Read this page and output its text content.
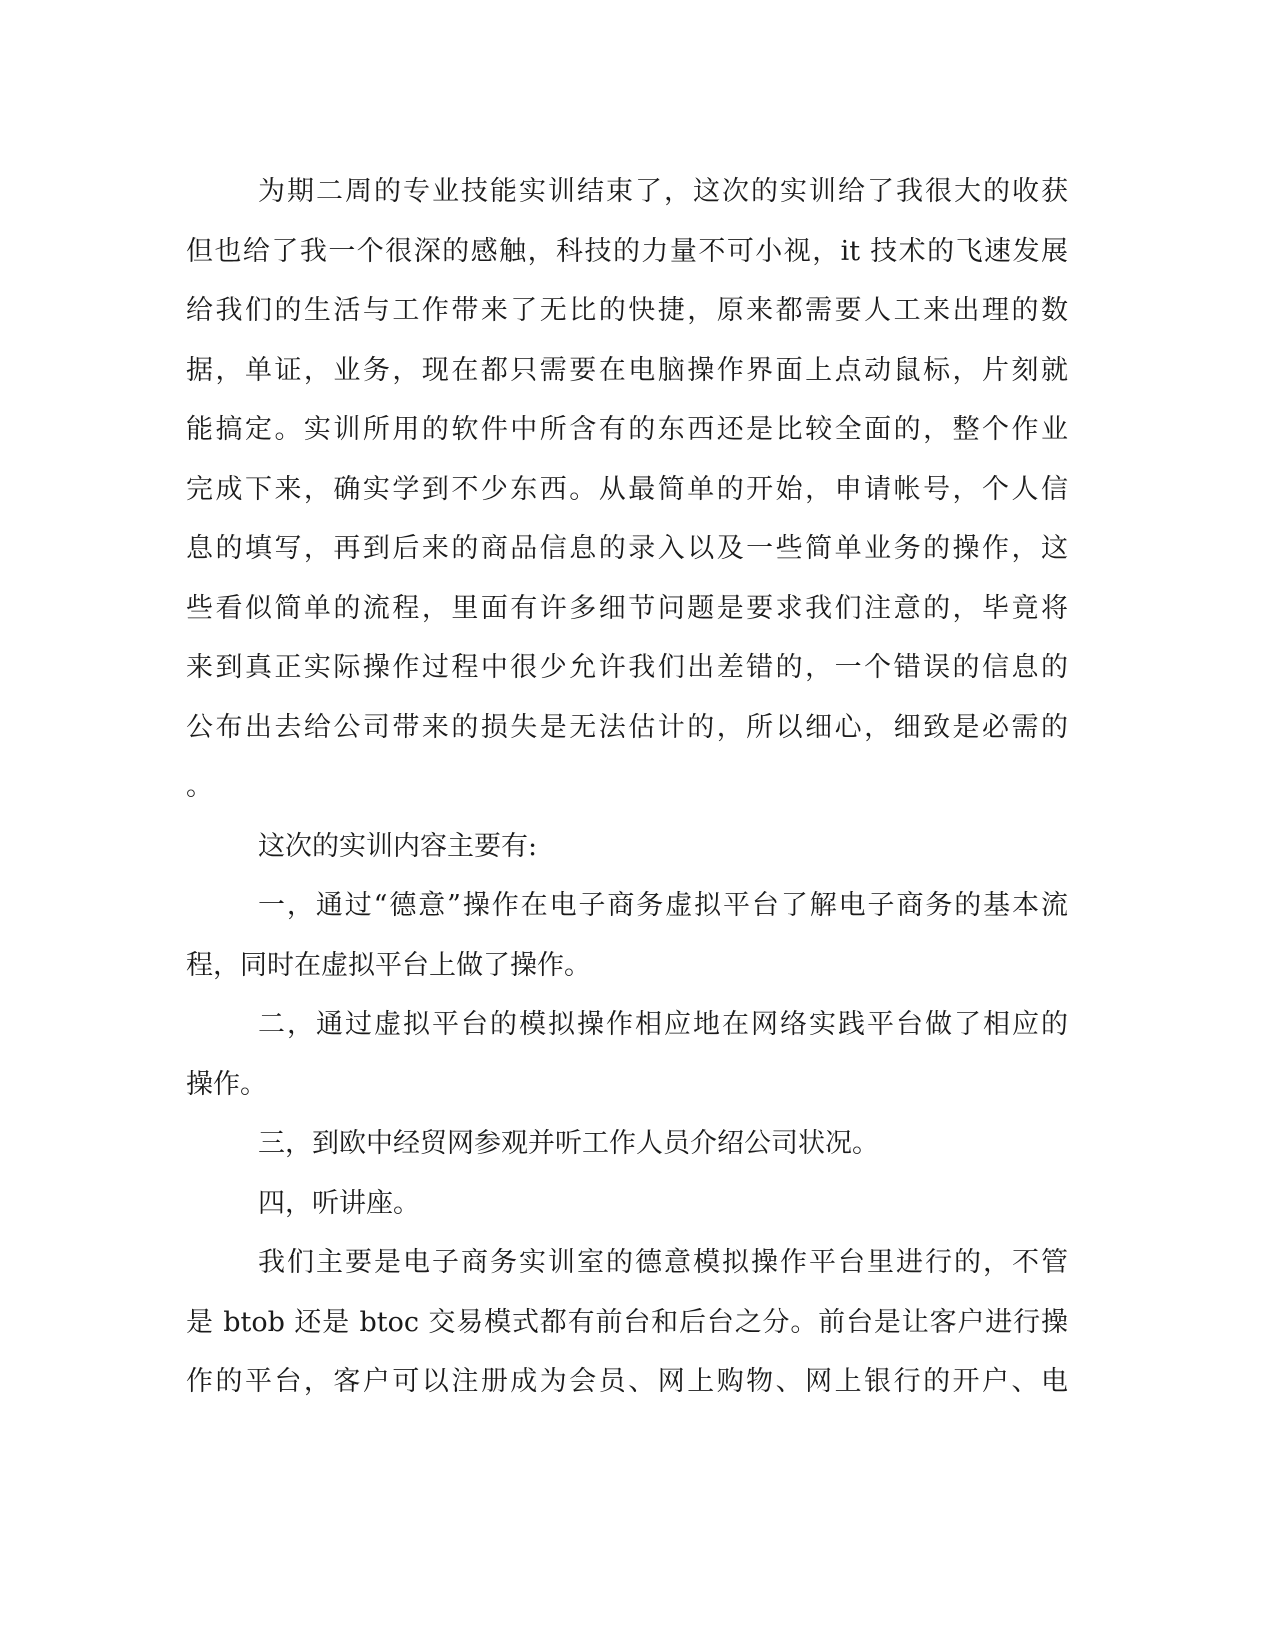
为期二周的专业技能实训结束了，这次的实训给了我很大的收获
但也给了我一个很深的感触，科技的力量不可小视，it 技术的飞速发展
给我们的生活与工作带来了无比的快捷，原来都需要人工来出理的数
据，单证，业务，现在都只需要在电脑操作界面上点动鼠标，片刻就
能搞定。实训所用的软件中所含有的东西还是比较全面的，整个作业
完成下来，确实学到不少东西。从最简单的开始，申请帐号，个人信
息的填写，再到后来的商品信息的录入以及一些简单业务的操作，这
些看似简单的流程，里面有许多细节问题是要求我们注意的，毕竟将
来到真正实际操作过程中很少允许我们出差错的，一个错误的信息的
公布出去给公司带来的损失是无法估计的，所以细心，细致是必需的
。
这次的实训内容主要有:
一，通过“德意”操作在电子商务虚拟平台了解电子商务的基本流
程，同时在虚拟平台上做了操作。
二，通过虚拟平台的模拟操作相应地在网络实践平台做了相应的
操作。
三，到欧中经贸网参观并听工作人员介绍公司状况。
四，听讲座。
我们主要是电子商务实训室的德意模拟操作平台里进行的，不管
是 btob 还是 btoc 交易模式都有前台和后台之分。前台是让客户进行操
作的平台，客户可以注册成为会员、网上购物、网上银行的开户、电
